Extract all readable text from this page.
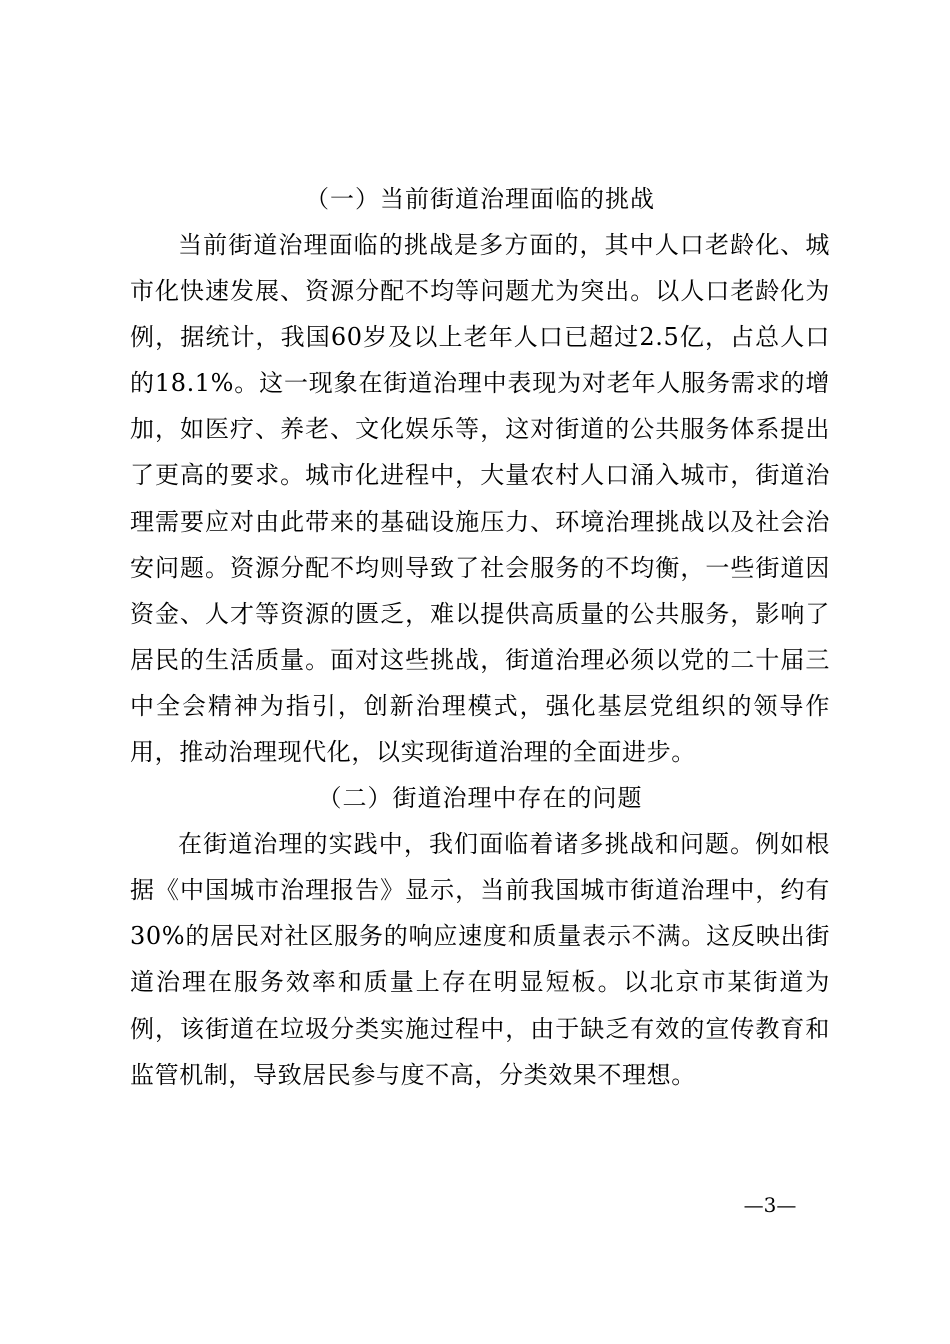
（一）当前街道治理面临的挑战

当前街道治理面临的挑战是多方面的，其中人口老龄化、城市化快速发展、资源分配不均等问题尤为突出。以人口老龄化为例，据统计，我国60岁及以上老年人口已超过2.5亿，占总人口的18.1%。这一现象在街道治理中表现为对老年人服务需求的增加，如医疗、养老、文化娱乐等，这对街道的公共服务体系提出了更高的要求。城市化进程中，大量农村人口涌入城市，街道治理需要应对由此带来的基础设施压力、环境治理挑战以及社会治安问题。资源分配不均则导致了社会服务的不均衡，一些街道因资金、人才等资源的匮乏，难以提供高质量的公共服务，影响了居民的生活质量。面对这些挑战，街道治理必须以党的二十届三中全会精神为指引，创新治理模式，强化基层党组织的领导作用，推动治理现代化，以实现街道治理的全面进步。

（二）街道治理中存在的问题

在街道治理的实践中，我们面临着诸多挑战和问题。例如根据《中国城市治理报告》显示，当前我国城市街道治理中，约有30%的居民对社区服务的响应速度和质量表示不满。这反映出街道治理在服务效率和质量上存在明显短板。以北京市某街道为例，该街道在垃圾分类实施过程中，由于缺乏有效的宣传教育和监管机制，导致居民参与度不高，分类效果不理想。

—3—
